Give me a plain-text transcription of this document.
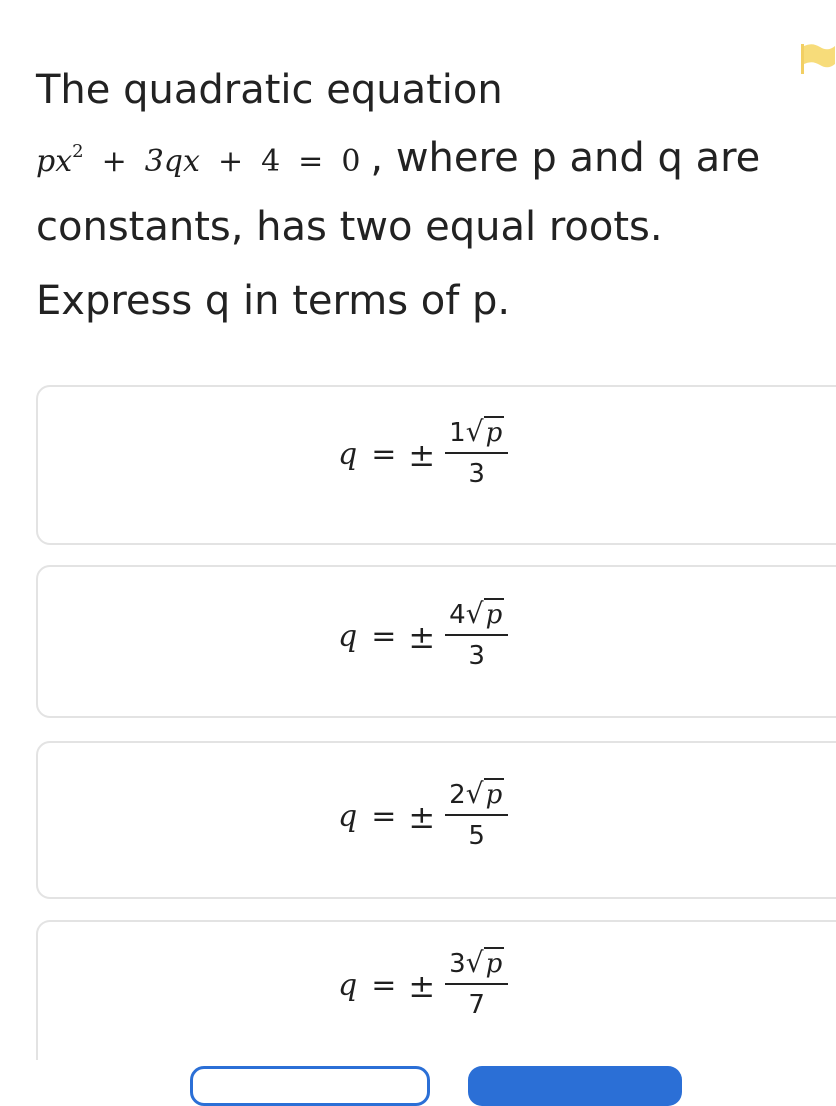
The quadratic equation
$px^2 + 3qx + 4 = 0$ , where p and q are
constants, has two equal roots.
Express q in terms of p.
q = ± $\frac{1√p}{3}$
q = ± $\frac{4√p}{3}$
q = ± $\frac{2√p}{5}$
q = ± $\frac{3√p}{7}$
